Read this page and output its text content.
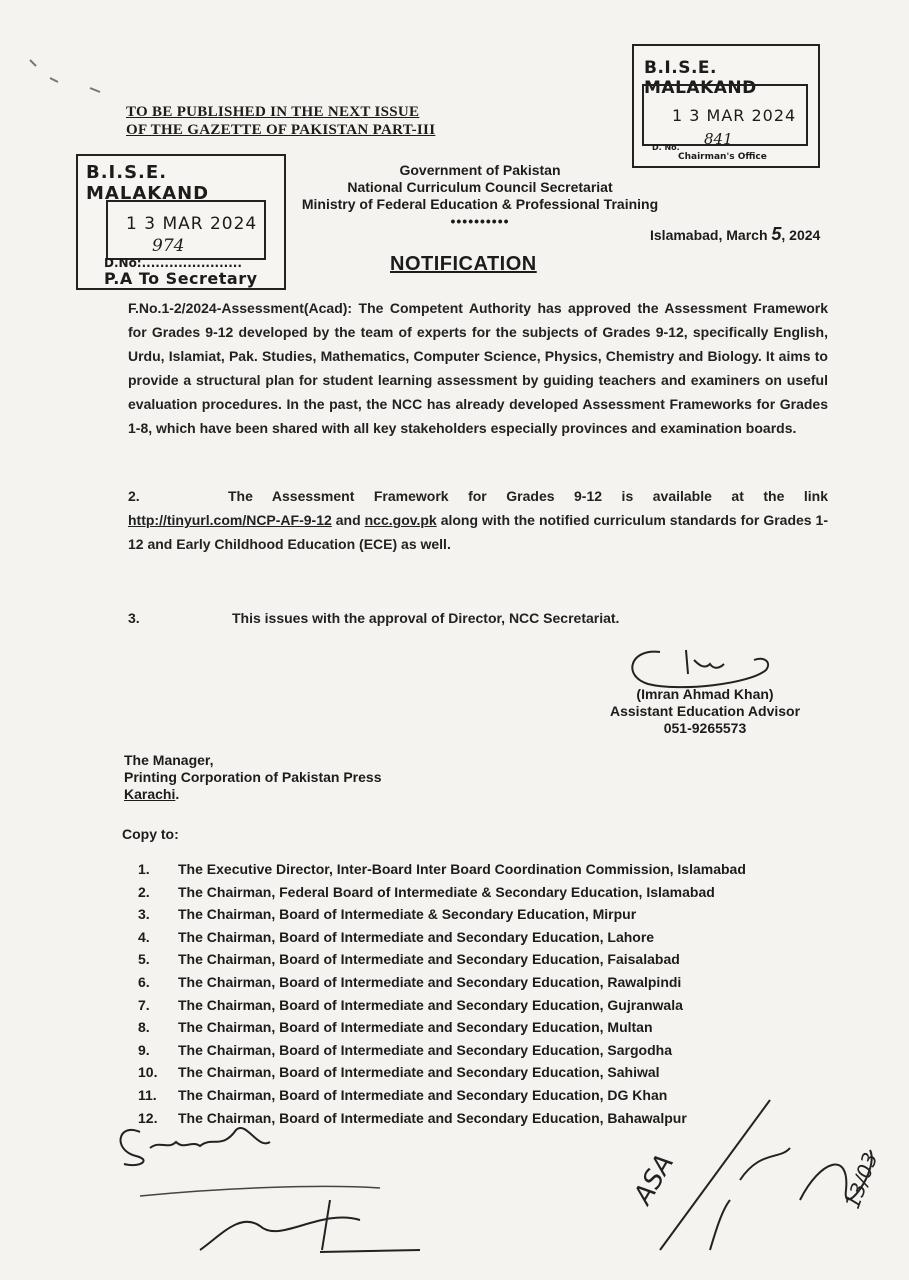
TO BE PUBLISHED IN THE NEXT ISSUE
OF THE GAZETTE OF PAKISTAN PART-III
B.I.S.E. MALAKAND
1 3 MAR 2024
D. No. 841
Chairman's Office
B.I.S.E. MALAKAND
1 3 MAR 2024
974
D.No:......................
P.A To Secretary
Government of Pakistan
National Curriculum Council Secretariat
Ministry of Federal Education & Professional Training
••••••••••
Islamabad, March 5, 2024
NOTIFICATION
F.No.1-2/2024-Assessment(Acad): The Competent Authority has approved the Assessment Framework for Grades 9-12 developed by the team of experts for the subjects of Grades 9-12, specifically English, Urdu, Islamiat, Pak. Studies, Mathematics, Computer Science, Physics, Chemistry and Biology. It aims to provide a structural plan for student learning assessment by guiding teachers and examiners on useful evaluation procedures. In the past, the NCC has already developed Assessment Frameworks for Grades 1-8, which have been shared with all key stakeholders especially provinces and examination boards.
2.	The Assessment Framework for Grades 9-12 is available at the link http://tinyurl.com/NCP-AF-9-12 and ncc.gov.pk along with the notified curriculum standards for Grades 1-12 and Early Childhood Education (ECE) as well.
3.	This issues with the approval of Director, NCC Secretariat.
(Imran Ahmad Khan)
Assistant Education Advisor
051-9265573
The Manager,
Printing Corporation of Pakistan Press
Karachi.
Copy to:
1. The Executive Director, Inter-Board Inter Board Coordination Commission, Islamabad
2. The Chairman, Federal Board of Intermediate & Secondary Education, Islamabad
3. The Chairman, Board of Intermediate & Secondary Education, Mirpur
4. The Chairman, Board of Intermediate and Secondary Education, Lahore
5. The Chairman, Board of Intermediate and Secondary Education, Faisalabad
6. The Chairman, Board of Intermediate and Secondary Education, Rawalpindi
7. The Chairman, Board of Intermediate and Secondary Education, Gujranwala
8. The Chairman, Board of Intermediate and Secondary Education, Multan
9. The Chairman, Board of Intermediate and Secondary Education, Sargodha
10. The Chairman, Board of Intermediate and Secondary Education, Sahiwal
11. The Chairman, Board of Intermediate and Secondary Education, DG Khan
12. The Chairman, Board of Intermediate and Secondary Education, Bahawalpur
ASA	13/03
